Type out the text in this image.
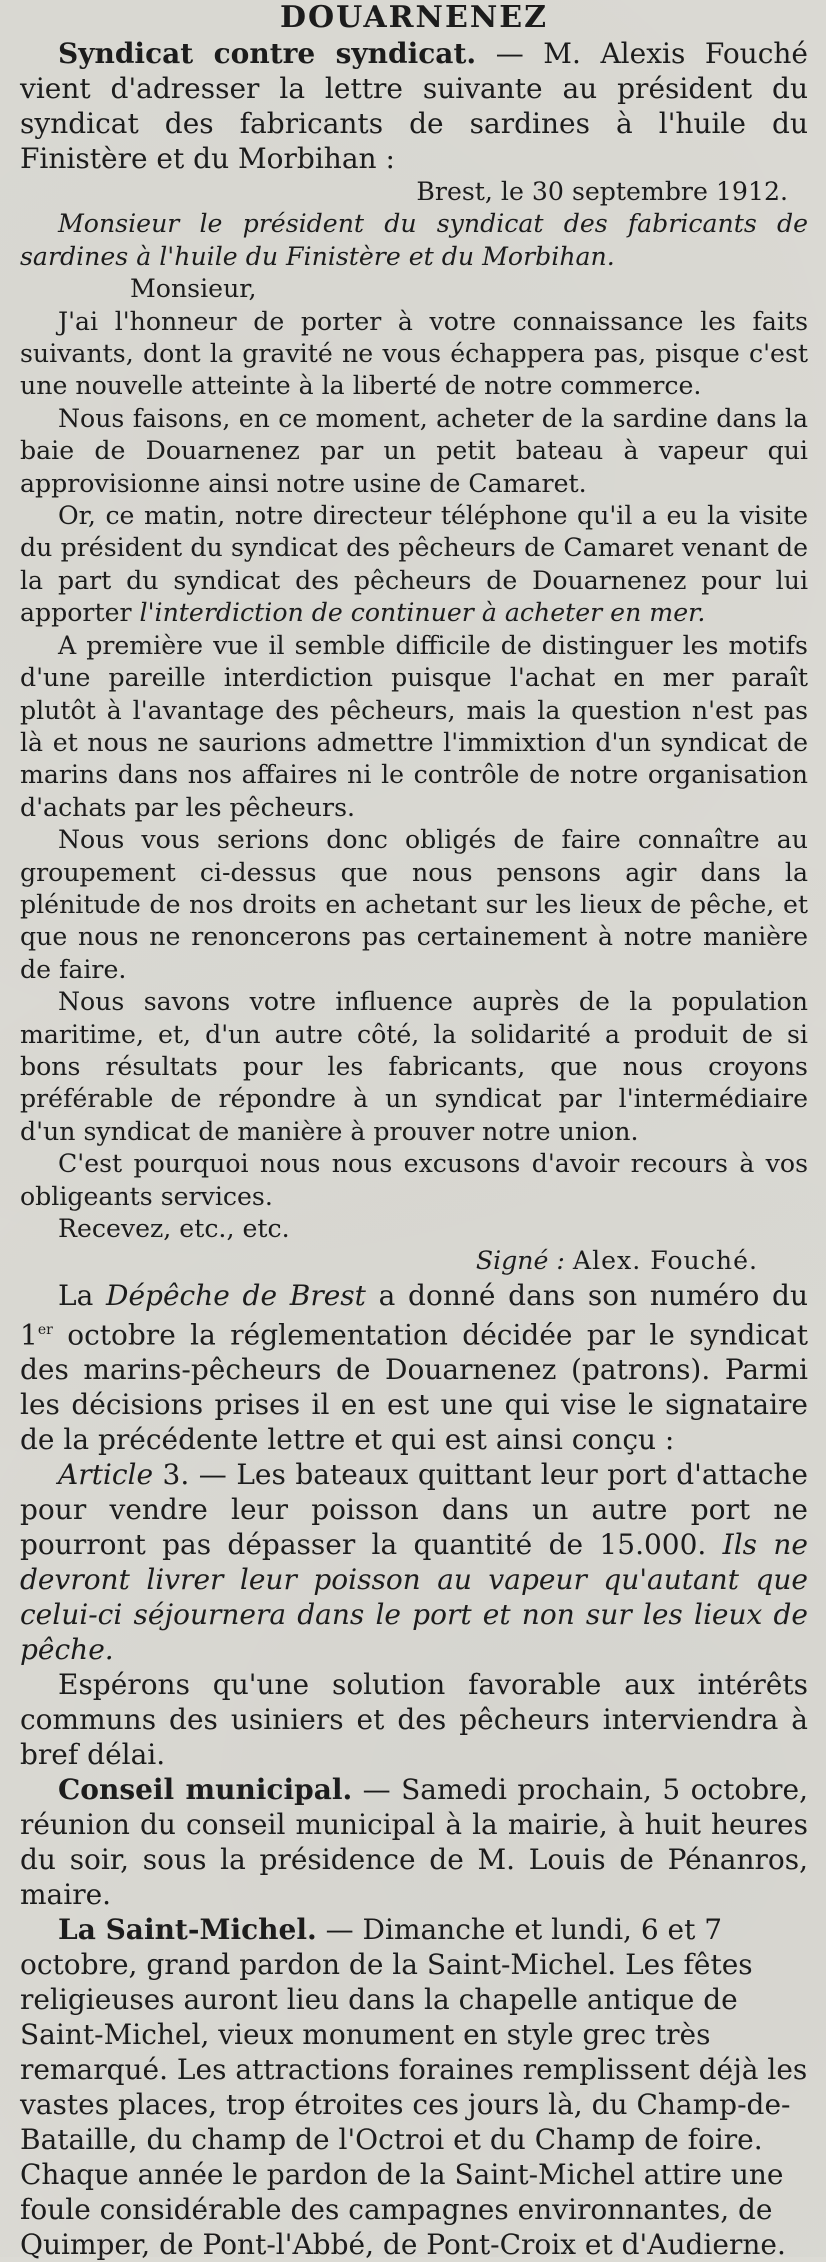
DOUARNENEZ

Syndicat contre syndicat. — M. Alexis Fouché vient d'adresser la lettre suivante au président du syndicat des fabricants de sardines à l'huile du Finistère et du Morbihan :

Brest, le 30 septembre 1912.

Monsieur le président du syndicat des fabricants de sardines à l'huile du Finistère et du Morbihan.

Monsieur,

J'ai l'honneur de porter à votre connaissance les faits suivants, dont la gravité ne vous échappera pas, pisque c'est une nouvelle atteinte à la liberté de notre commerce.

Nous faisons, en ce moment, acheter de la sardine dans la baie de Douarnenez par un petit bateau à vapeur qui approvisionne ainsi notre usine de Camaret.

Or, ce matin, notre directeur téléphone qu'il a eu la visite du président du syndicat des pêcheurs de Camaret venant de la part du syndicat des pêcheurs de Douarnenez pour lui apporter l'interdiction de continuer à acheter en mer.

A première vue il semble difficile de distinguer les motifs d'une pareille interdiction puisque l'achat en mer paraît plutôt à l'avantage des pêcheurs, mais la question n'est pas là et nous ne saurions admettre l'immixtion d'un syndicat de marins dans nos affaires ni le contrôle de notre organisation d'achats par les pêcheurs.

Nous vous serions donc obligés de faire connaître au groupement ci-dessus que nous pensons agir dans la plénitude de nos droits en achetant sur les lieux de pêche, et que nous ne renoncerons pas certainement à notre manière de faire.

Nous savons votre influence auprès de la population maritime, et, d'un autre côté, la solidarité a produit de si bons résultats pour les fabricants, que nous croyons préférable de répondre à un syndicat par l'intermédiaire d'un syndicat de manière à prouver notre union.

C'est pourquoi nous nous excusons d'avoir recours à vos obligeants services.

Recevez, etc., etc.

Signé : Alex. Fouché.

La Dépêche de Brest a donné dans son numéro du 1er octobre la réglementation décidée par le syndicat des marins-pêcheurs de Douarnenez (patrons). Parmi les décisions prises il en est une qui vise le signataire de la précédente lettre et qui est ainsi conçu :

Article 3. — Les bateaux quittant leur port d'attache pour vendre leur poisson dans un autre port ne pourront pas dépasser la quantité de 15.000. Ils ne devront livrer leur poisson au vapeur qu'autant que celui-ci séjournera dans le port et non sur les lieux de pêche.

Espérons qu'une solution favorable aux intérêts communs des usiniers et des pêcheurs interviendra à bref délai.

Conseil municipal. — Samedi prochain, 5 octobre, réunion du conseil municipal à la mairie, à huit heures du soir, sous la présidence de M. Louis de Pénanros, maire.

La Saint-Michel. — Dimanche et lundi, 6 et 7 octobre, grand pardon de la Saint-Michel. Les fêtes religieuses auront lieu dans la chapelle antique de Saint-Michel, vieux monument en style grec très remarqué. Les attractions foraines remplissent déjà les vastes places, trop étroites ces jours là, du Champ-de-Bataille, du champ de l'Octroi et du Champ de foire. Chaque année le pardon de la Saint-Michel attire une foule considérable des campagnes environnantes, de Quimper, de Pont-l'Abbé, de Pont-Croix et d'Audierne.
